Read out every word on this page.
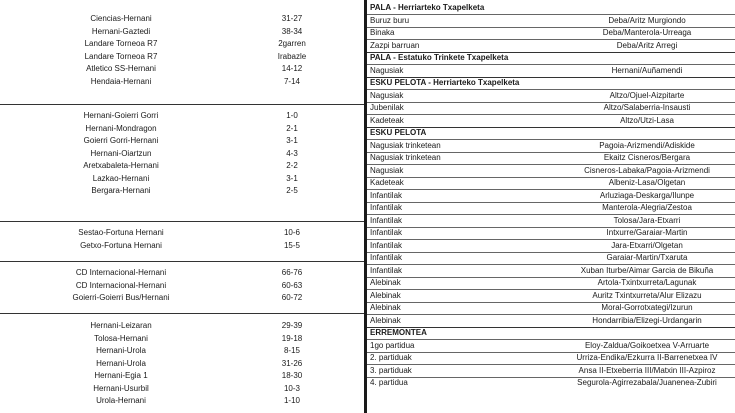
Ciencias-Hernani	31-27
Hernani-Gaztedi	38-34
Landare Torneoa R7	2garren
Landare Torneoa R7	Irabazle
Atletico SS-Hernani	14-12
Hendaia-Hernani	7-14
Hernani-Goierri Gorri	1-0
Hernani-Mondragon	2-1
Goierri Gorri-Hernani	3-1
Hernani-Oiartzun	4-3
Aretxabaleta-Hernani	2-2
Lazkao-Hernani	3-1
Bergara-Hernani	2-5
Sestao-Fortuna Hernani	10-6
Getxo-Fortuna Hernani	15-5
CD Internacional-Hernani	66-76
CD Internacional-Hernani	60-63
Goierri-Goierri Bus/Hernani	60-72
Hernani-Leizaran	29-39
Tolosa-Hernani	19-18
Hernani-Urola	8-15
Hernani-Urola	31-26
Hernani-Egia 1	18-30
Hernani-Usurbil	10-3
Urola-Hernani	1-10
PALA - Herriarteko Txapelketa
Buruz buru	Deba/Aritz Murgiondo
Binaka	Deba/Manterola-Urreaga
Zazpi barruan	Deba/Aritz Arregi
PALA - Estatuko Trinkete Txapelketa
Nagusiak	Hernani/Auñamendi
ESKU PELOTA - Herriarteko Txapelketa
Nagusiak	Altzo/Ojuel-Aizpitarte
Jubenilak	Altzo/Salaberria-Insausti
Kadeteak	Altzo/Utzi-Lasa
ESKU PELOTA
Nagusiak trinketean	Pagoia-Arizmendi/Adiskide
Nagusiak trinketean	Ekaitz Cisneros/Bergara
Nagusiak	Cisneros-Labaka/Pagoia-Arizmendi
Kadeteak	Albeniz-Lasa/Olgetan
Infantilak	Arluziaga-Deskarga/Ilunpe
Infantilak	Manterola-Alegria/Zestoa
Infantilak	Tolosa/Jara-Etxarri
Infantilak	Intxurre/Garaiar-Martin
Infantilak	Jara-Etxarri/Olgetan
Infantilak	Garaiar-Martin/Txaruta
Infantilak	Xuban Iturbe/Aimar Garcia de Bikuña
Alebinak	Artola-Txintxurreta/Lagunak
Alebinak	Auritz Txintxurreta/Alur Elizazu
Alebinak	Moral-Gorrotxategi/Izurun
Alebinak	Hondarribia/Elizegi-Urdangarin
ERREMONTEA
1go partidua	Eloy-Zaldua/Goikoetxea V-Arruarte
2. partiduak	Urriza-Endika/Ezkurra II-Barrenetxea IV
3. partiduak	Ansa II-Etxeberria III/Matxin III-Azpiroz
4. partidua	Segurola-Agirrezabala/Juanenea-Zubiri
